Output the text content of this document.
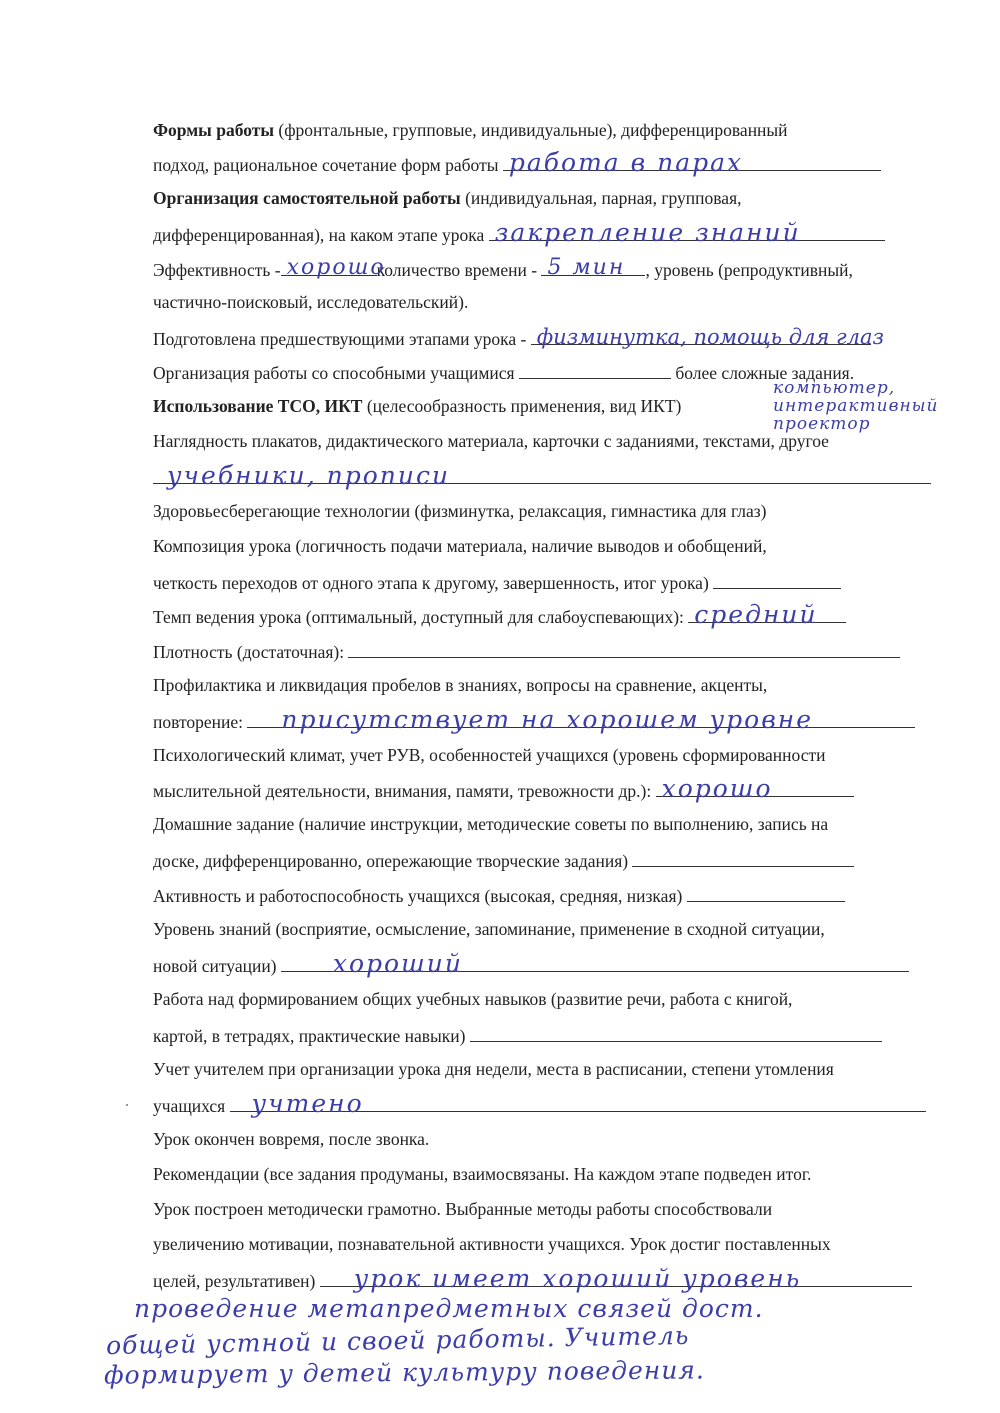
Формы работы (фронтальные, групповые, индивидуальные), дифференцированный
подход, рациональное сочетание форм работы работа в парах
Организация самостоятельной работы (индивидуальная, парная, групповая,
дифференцированная), на каком этапе урока закрепление знаний
Эффективность - хорошо
количество времени - 5 мин , уровень (репродуктивный,
частично-поисковый, исследовательский).
Подготовлена предшествующими этапами урока - физминутка, помощь для глаз
Организация работы со способными учащимися	более сложные задания.
Использование ТСО, ИКТ (целесообразность применения, вид ИКТ)
компьютер, интерактивный проектор
Наглядность плакатов, дидактического материала, карточки с заданиями, текстами, другое
учебники, прописи
Здоровьесберегающие технологии (физминутка, релаксация, гимнастика для глаз)
Композиция урока (логичность подачи материала, наличие выводов и обобщений,
четкость переходов от одного этапа к другому, завершенность, итог урока)
Темп ведения урока (оптимальный, доступный для слабоуспевающих): средний
Плотность (достаточная):
Профилактика и ликвидация пробелов в знаниях, вопросы на сравнение, акценты,
повторение: присутствует на хорошем уровне
Психологический климат, учет РУВ, особенностей учащихся (уровень сформированности
мыслительной деятельности, внимания, памяти, тревожности др.): хорошо
Домашние задание (наличие инструкции, методические советы по выполнению, запись на
доске, дифференцированно, опережающие творческие задания)
Активность и работоспособность учащихся (высокая, средняя, низкая)
Уровень знаний (восприятие, осмысление, запоминание, применение в сходной ситуации,
новой ситуации) хороший
Работа над формированием общих учебных навыков (развитие речи, работа с книгой,
картой, в тетрадях, практические навыки)
Учет учителем при организации урока дня недели, места в расписании, степени утомления
учащихся учтено
Урок окончен вовремя, после звонка.
Рекомендации (все задания продуманы, взаимосвязаны. На каждом этапе подведен итог.
Урок построен методически грамотно. Выбранные методы работы способствовали
увеличению мотивации, познавательной активности учащихся. Урок достиг поставленных
целей, результативен) урок имеет хороший уровень
проведение метапредметных связей дост.
общей устной и своей работы. Учитель
формирует у детей культуру поведения.
